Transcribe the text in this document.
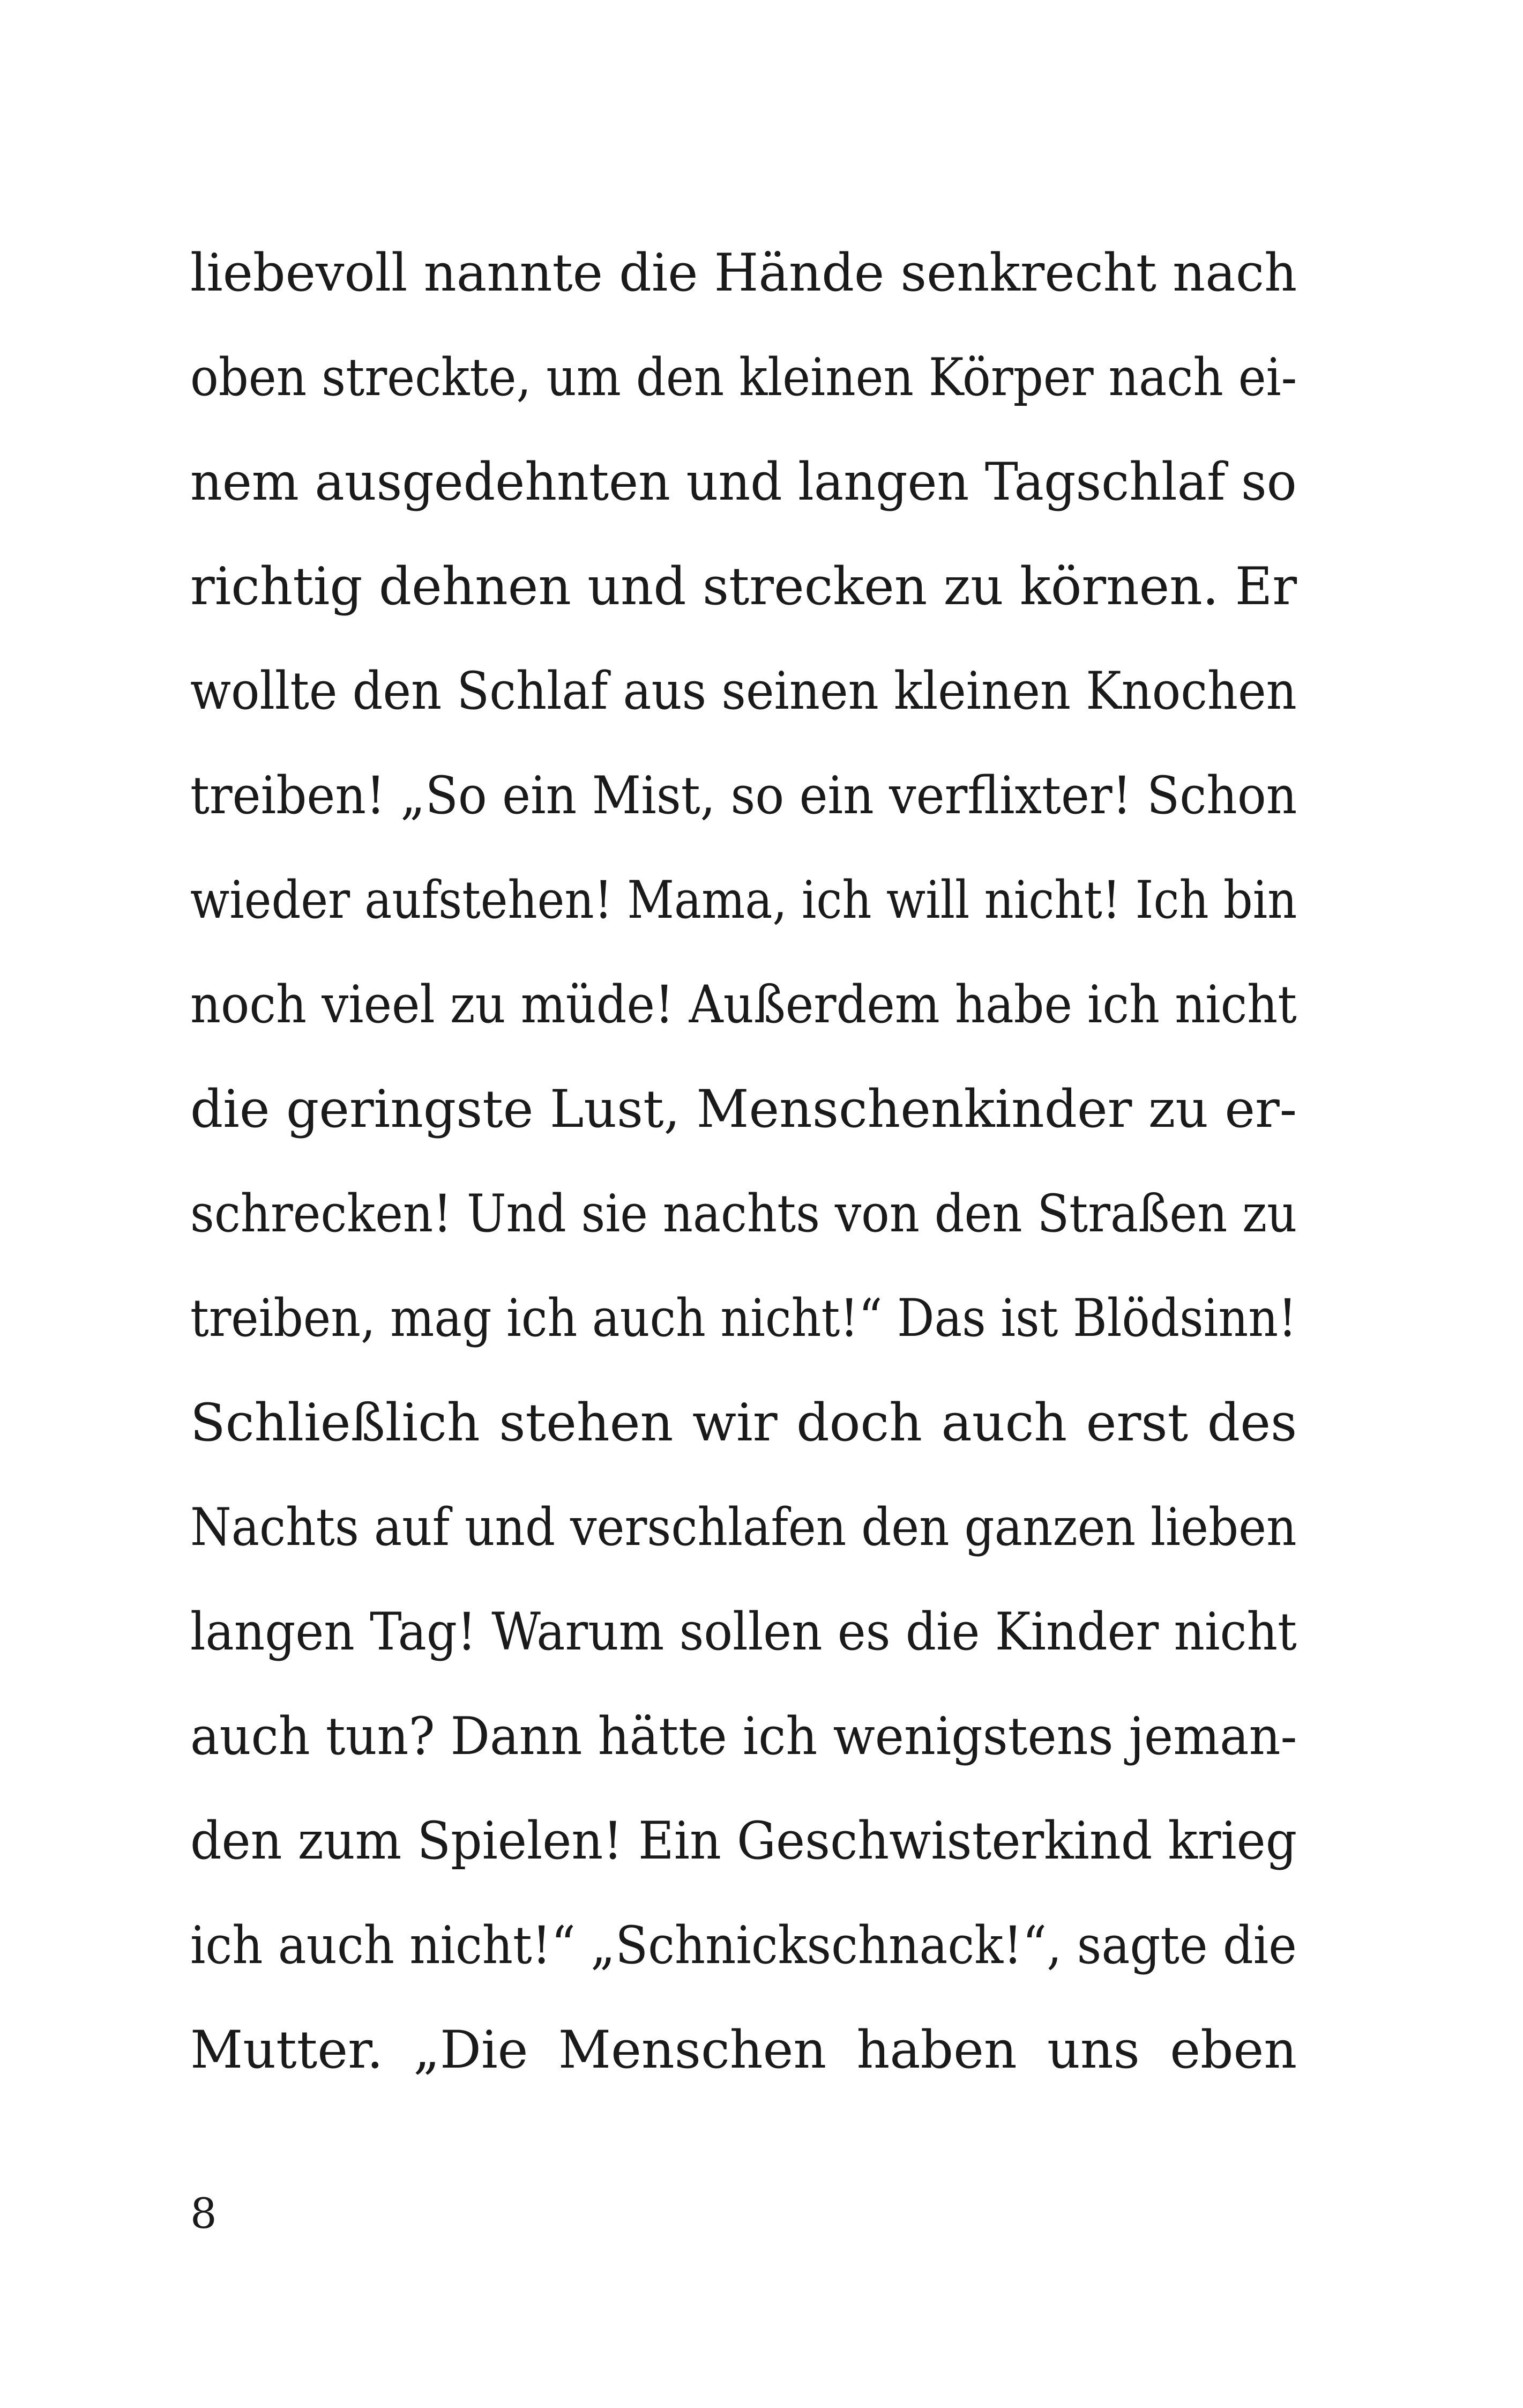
liebevoll nannte die Hände senkrecht nach
oben streckte, um den kleinen Körper nach ei-
nem ausgedehnten und langen Tagschlaf so
richtig dehnen und strecken zu körnen. Er
wollte den Schlaf aus seinen kleinen Knochen
treiben! „So ein Mist, so ein verflixter! Schon
wieder aufstehen! Mama, ich will nicht! Ich bin
noch vieel zu müde! Außerdem habe ich nicht
die geringste Lust, Menschenkinder zu er-
schrecken! Und sie nachts von den Straßen zu
treiben, mag ich auch nicht!“ Das ist Blödsinn!
Schließlich stehen wir doch auch erst des
Nachts auf und verschlafen den ganzen lieben
langen Tag! Warum sollen es die Kinder nicht
auch tun? Dann hätte ich wenigstens jeman-
den zum Spielen! Ein Geschwisterkind krieg
ich auch nicht!“ „Schnickschnack!“, sagte die
Mutter. „Die Menschen haben uns eben
8
